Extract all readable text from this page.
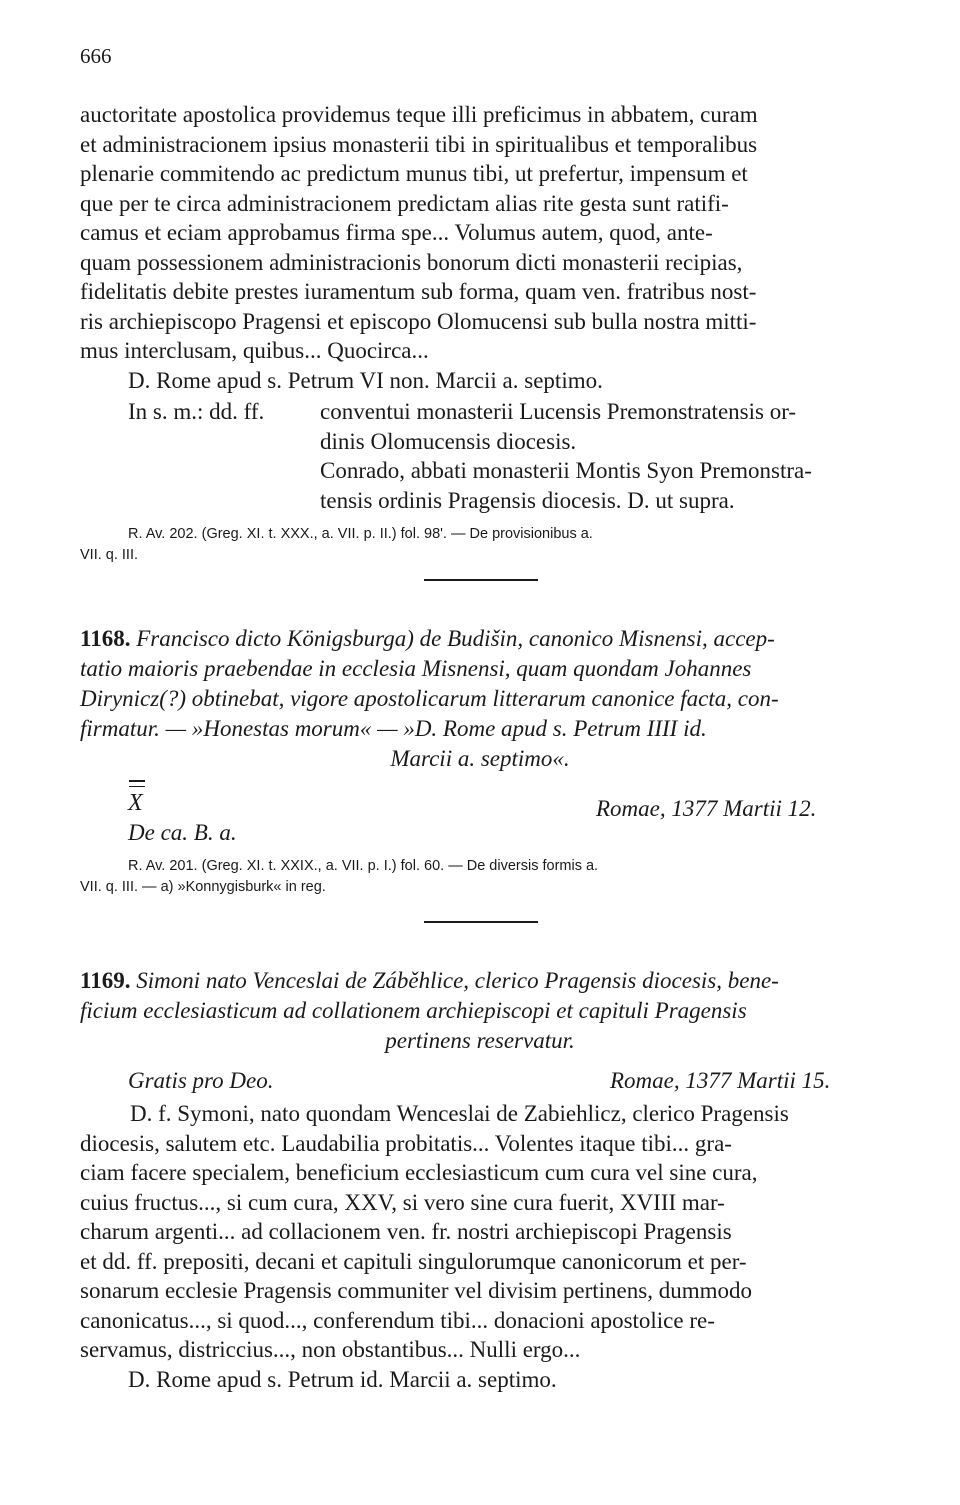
666

auctoritate apostolica providemus teque illi preficimus in abbatem, curam

et administracionem ipsius monasterii tibi in spiritualibus et temporalibus

plenarie commitendo ac predictum munus tibi, ut prefertur, impensum et

que per te circa administracionem predictam alias rite gesta sunt ratifi-

camus et eciam approbamus firma spe... Volumus autem, quod, ante-

quam possessionem administracionis bonorum dicti monasterii recipias,

fidelitatis debite prestes iuramentum sub forma, quam ven. fratribus nost-

ris archiepiscopo Pragensi et episcopo Olomucensi sub bulla nostra mitti-

mus interclusam, quibus... Quocirca...

D. Rome apud s. Petrum VI non. Marcii a. septimo.
In s. m.: dd. ff. conventui monasterii Lucensis Premonstratensis or-

dinis Olomucensis diocesis.

Conrado, abbati monasterii Montis Syon Premonstra-

tensis ordinis Pragensis diocesis. D. ut supra.

R. Av. 202. (Greg. XI. t. XXX., a. VII. p. II.) fol. 98'. — De provisionibus a.

VII. q. III.

1168. Francisco dicto Königsburga) de Budišin, canonico Misnensi, accep-
tatio maioris praebendae in ecclesia Misnensi, quam quondam Johannes
Dirynicz(?) obtinebat, vigore apostolicarum litterarum canonice facta, con-
firmatur. — »Honestas morum« — »D. Rome apud s. Petrum IIII id.
Marcii a. septimo«.
X
De ca. B. a.
Romae, 1377 Martii 12.

R. Av. 201. (Greg. XI. t. XXIX., a. VII. p. I.) fol. 60. — De diversis formis a.

VII. q. III. — a) »Konnygisburk« in reg.

1169. Simoni nato Venceslai de Záběhlice, clerico Pragensis diocesis, bene-
ficium ecclesiasticum ad collationem archiepiscopi et capituli Pragensis
pertinens reservatur.
Gratis pro Deo.	Romae, 1377 Martii 15.

D. f. Symoni, nato quondam Wenceslai de Zabiehlicz, clerico Pragensis

diocesis, salutem etc. Laudabilia probitatis... Volentes itaque tibi... gra-

ciam facere specialem, beneficium ecclesiasticum cum cura vel sine cura,

cuius fructus..., si cum cura, XXV, si vero sine cura fuerit, XVIII mar-

charum argenti... ad collacionem ven. fr. nostri archiepiscopi Pragensis

et dd. ff. prepositi, decani et capituli singulorumque canonicorum et per-

sonarum ecclesie Pragensis communiter vel divisim pertinens, dummodo

canonicatus..., si quod..., conferendum tibi... donacioni apostolice re-

servamus, districcius..., non obstantibus... Nulli ergo...

D. Rome apud s. Petrum id. Marcii a. septimo.
